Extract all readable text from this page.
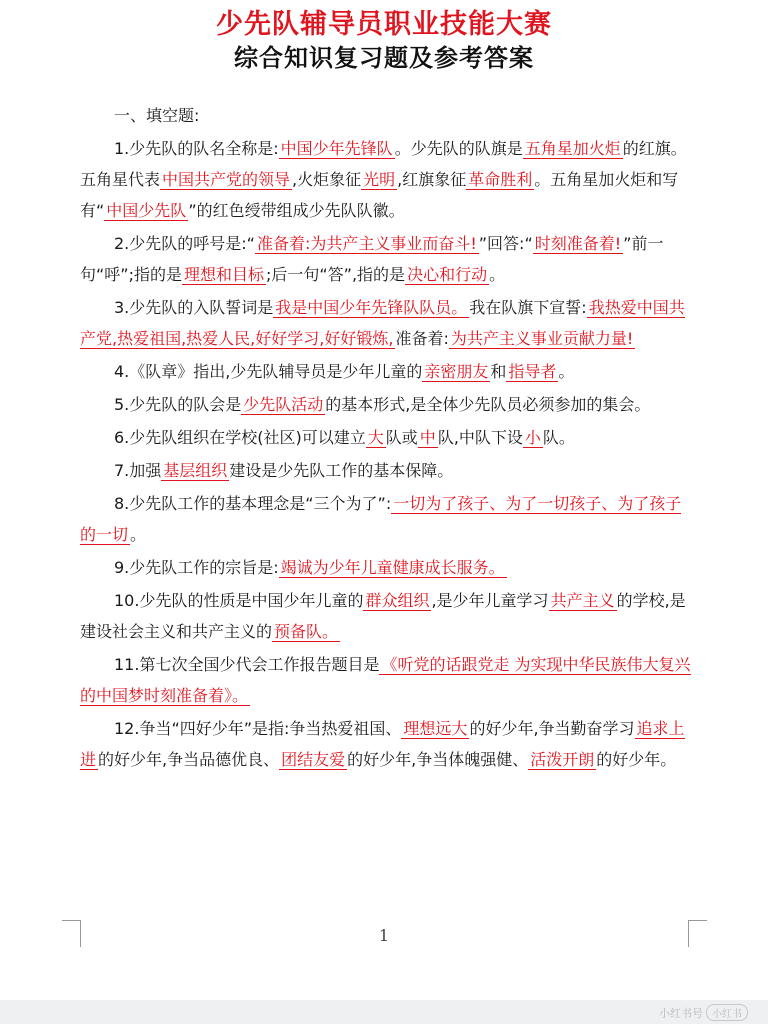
少先队辅导员职业技能大赛
综合知识复习题及参考答案
一、填空题:

1.少先队的队名全称是: 中国少年先锋队 。少先队的队旗是 五角星加火炬 的红旗。五角星代表 中国共产党的领导 ,火炬象征 光明 ,红旗象征 革命胜利 。五角星加火炬和写有“ 中国少先队 ”的红色绶带组成少先队队徽。

2.少先队的呼号是:“ 准备着:为共产主义事业而奋斗! ”回答:“ 时刻准备着! ”前一句“呼”;指的是 理想和目标 ;后一句“答”,指的是 决心和行动 。

3.少先队的入队誓词是 我是中国少年先锋队队员。 我在队旗下宣誓: 我热爱中国共产党,热爱祖国,热爱人民,好好学习,好好锻炼, 准备着: 为共产主义事业贡献力量!

4.《队章》指出,少先队辅导员是少年儿童的 亲密朋友 和 指导者 。

5.少先队的队会是 少先队活动 的基本形式,是全体少先队员必须参加的集会。

6.少先队组织在学校(社区)可以建立 大 队或 中 队,中队下设 小 队。

7.加强 基层组织 建设是少先队工作的基本保障。

8.少先队工作的基本理念是“三个为了”: 一切为了孩子、为了一切孩子、为了孩子的一切 。

9.少先队工作的宗旨是: 竭诚为少年儿童健康成长服务。

10.少先队的性质是中国少年儿童的 群众组织 ,是少年儿童学习 共产主义 的学校,是建设社会主义和共产主义的 预备队。

11.第七次全国少代会工作报告题目是 《听党的话跟党走 为实现中华民族伟大复兴的中国梦时刻准备着》。

12.争当“四好少年”是指:争当热爱祖国、 理想远大 的好少年,争当勤奋学习 追求上进 的好少年,争当品德优良、 团结友爱 的好少年,争当体魄强健、 活泼开朗 的好少年。

1
小红书号 小红书
